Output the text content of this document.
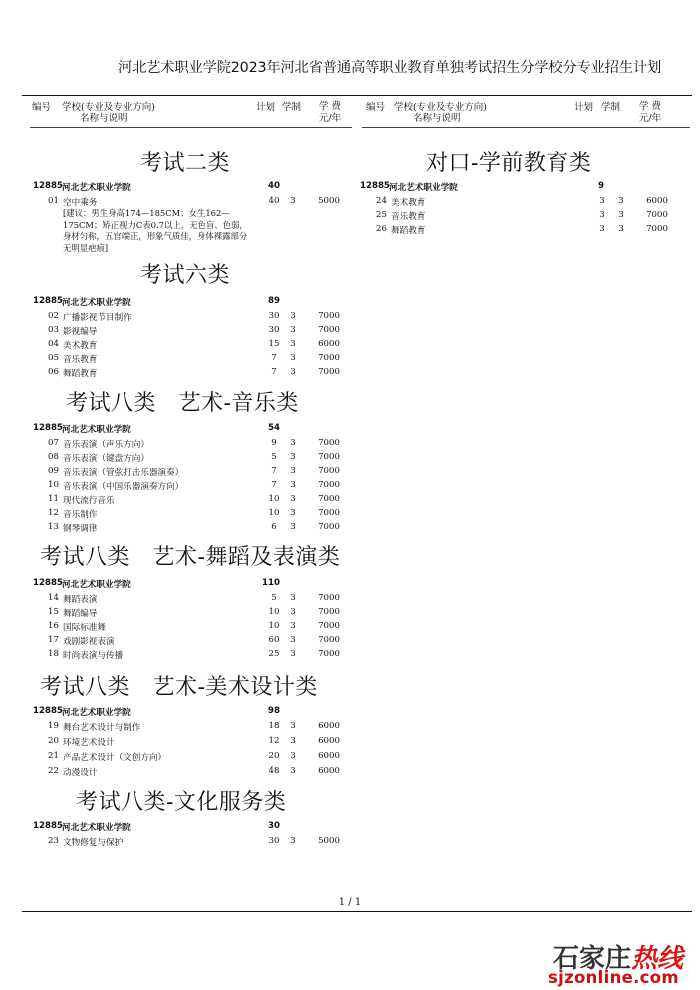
河北艺术职业学院2023年河北省普通高等职业教育单独考试招生分学校分专业招生计划
编号 学校(专业及专业方向)
名称与说明
计划 学制	学 费
元/年
编号 学校(专业及专业方向)
名称与说明
计划 学制	学 费
元/年
考试二类
12885 河北艺术职业学院	40
01 空中乘务	40	3	5000
[建议：男生身高174—185CM；女生162—175CM；矫正视力C表0.7以上，无色盲、色弱，身材匀称，五官端正，形象气质佳，身体裸露部分无明显疤痕]
考试六类
12885 河北艺术职业学院	89
02 广播影视节目制作	30	3	7000
03 影视编导	30	3	7000
04 美术教育	15	3	6000
05 音乐教育	7	3	7000
06 舞蹈教育	7	3	7000
考试八类　艺术-音乐类
12885 河北艺术职业学院	54
07 音乐表演（声乐方向）	9	3	7000
08 音乐表演（键盘方向）	5	3	7000
09 音乐表演（管弦打击乐器演奏）	7	3	7000
10 音乐表演（中国乐器演奏方向）	7	3	7000
11 现代流行音乐	10	3	7000
12 音乐制作	10	3	7000
13 钢琴调律	6	3	7000
考试八类　艺术-舞蹈及表演类
12885 河北艺术职业学院	110
14 舞蹈表演	5	3	7000
15 舞蹈编导	10	3	7000
16 国际标准舞	10	3	7000
17 戏剧影视表演	60	3	7000
18 时尚表演与传播	25	3	7000
考试八类　艺术-美术设计类
12885 河北艺术职业学院	98
19 舞台艺术设计与制作	18	3	6000
20 环境艺术设计	12	3	6000
21 产品艺术设计（文创方向）	20	3	6000
22 动漫设计	48	3	6000
考试八类-文化服务类
12885 河北艺术职业学院	30
23 文物修复与保护	30	3	5000
对口-学前教育类
12885 河北艺术职业学院	9
24 美术教育	3	3	6000
25 音乐教育	3	3	7000
26 舞蹈教育	3	3	7000
1 / 1
石家庄热线
sjzonline.com
